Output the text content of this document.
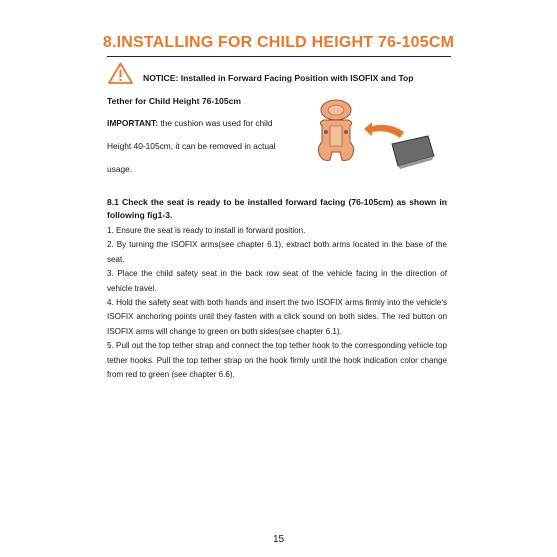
8.INSTALLING FOR CHILD HEIGHT 76-105CM
NOTICE: Installed in Forward Facing Position with ISOFIX and Top
Tether for Child Height 76-105cm
IMPORTANT: the cushion was used for child
Height 40-105cm, it can be removed in actual
usage.
8.1 Check the seat is ready to be installed forward facing (76-105cm) as shown in following fig1-3.
1. Ensure the seat is ready to install in forward position.
2. By turning the ISOFIX arms(see chapter 6.1), extract both arms located in the base of the seat.
3. Place the child safety seat in the back row seat of the vehicle facing in the direction of vehicle travel.
4. Hold the safety seat with both hands and insert the two ISOFIX arms firmly into the vehicle's ISOFIX anchoring points until they fasten with a click sound on both sides. The red button on ISOFIX arms will change to green on both sides(see chapter 6.1).
5. Pull out the top tether strap and connect the top tether hook to the corresponding vehicle top tether hooks. Pull the top tether strap on the hook firmly until the hook indication color change from red to green (see chapter 6.6).
15
